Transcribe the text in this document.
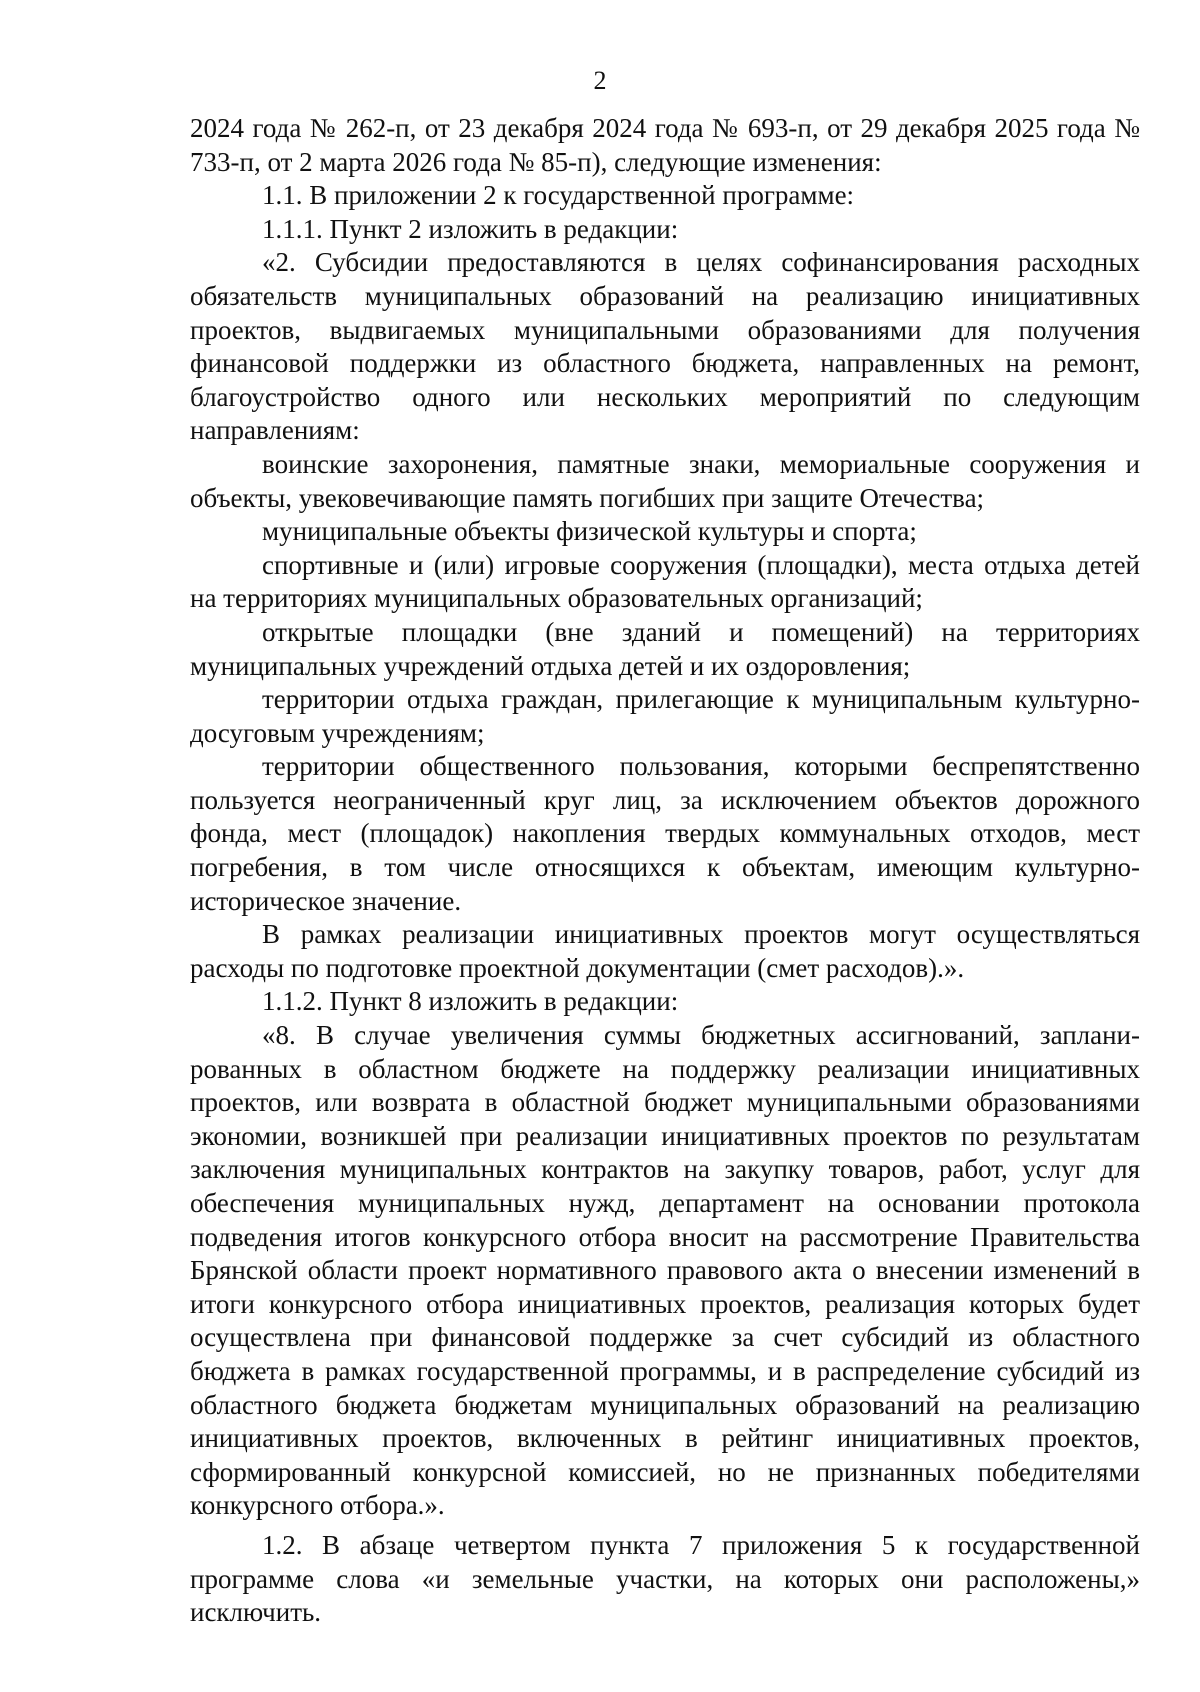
2

2024 года № 262-п, от 23 декабря 2024 года № 693-п, от 29 декабря 2025 года № 733-п, от 2 марта 2026 года № 85-п), следующие изменения:

1.1. В приложении 2 к государственной программе:

1.1.1. Пункт 2 изложить в редакции:

«2. Субсидии предоставляются в целях софинансирования расходных обязательств муниципальных образований на реализацию инициативных проектов, выдвигаемых муниципальными образованиями для получения финансовой поддержки из областного бюджета, направленных на ремонт, благоустройство одного или нескольких мероприятий по следующим направлениям:

воинские захоронения, памятные знаки, мемориальные сооружения и объекты, увековечивающие память погибших при защите Отечества;

муниципальные объекты физической культуры и спорта;

спортивные и (или) игровые сооружения (площадки), места отдыха детей на территориях муниципальных образовательных организаций;

открытые площадки (вне зданий и помещений) на территориях муниципальных учреждений отдыха детей и их оздоровления;

территории отдыха граждан, прилегающие к муниципальным культурно-досуговым учреждениям;

территории общественного пользования, которыми беспрепятственно пользуется неограниченный круг лиц, за исключением объектов дорожного фонда, мест (площадок) накопления твердых коммунальных отходов, мест погребения, в том числе относящихся к объектам, имеющим культурно-историческое значение.

В рамках реализации инициативных проектов могут осуществляться расходы по подготовке проектной документации (смет расходов).».

1.1.2. Пункт 8 изложить в редакции:

«8. В случае увеличения суммы бюджетных ассигнований, запланированных в областном бюджете на поддержку реализации инициативных проектов, или возврата в областной бюджет муниципальными образованиями экономии, возникшей при реализации инициативных проектов по результатам заключения муниципальных контрактов на закупку товаров, работ, услуг для обеспечения муниципальных нужд, департамент на основании протокола подведения итогов конкурсного отбора вносит на рассмотрение Правительства Брянской области проект нормативного правового акта о внесении изменений в итоги конкурсного отбора инициативных проектов, реализация которых будет осуществлена при финансовой поддержке за счет субсидий из областного бюджета в рамках государственной программы, и в распределение субсидий из областного бюджета бюджетам муниципальных образований на реализацию инициативных проектов, включенных в рейтинг инициативных проектов, сформированный конкурсной комиссией, но не признанных победителями конкурсного отбора.».

1.2. В абзаце четвертом пункта 7 приложения 5 к государственной программе слова «и земельные участки, на которых они расположены,» исключить.
